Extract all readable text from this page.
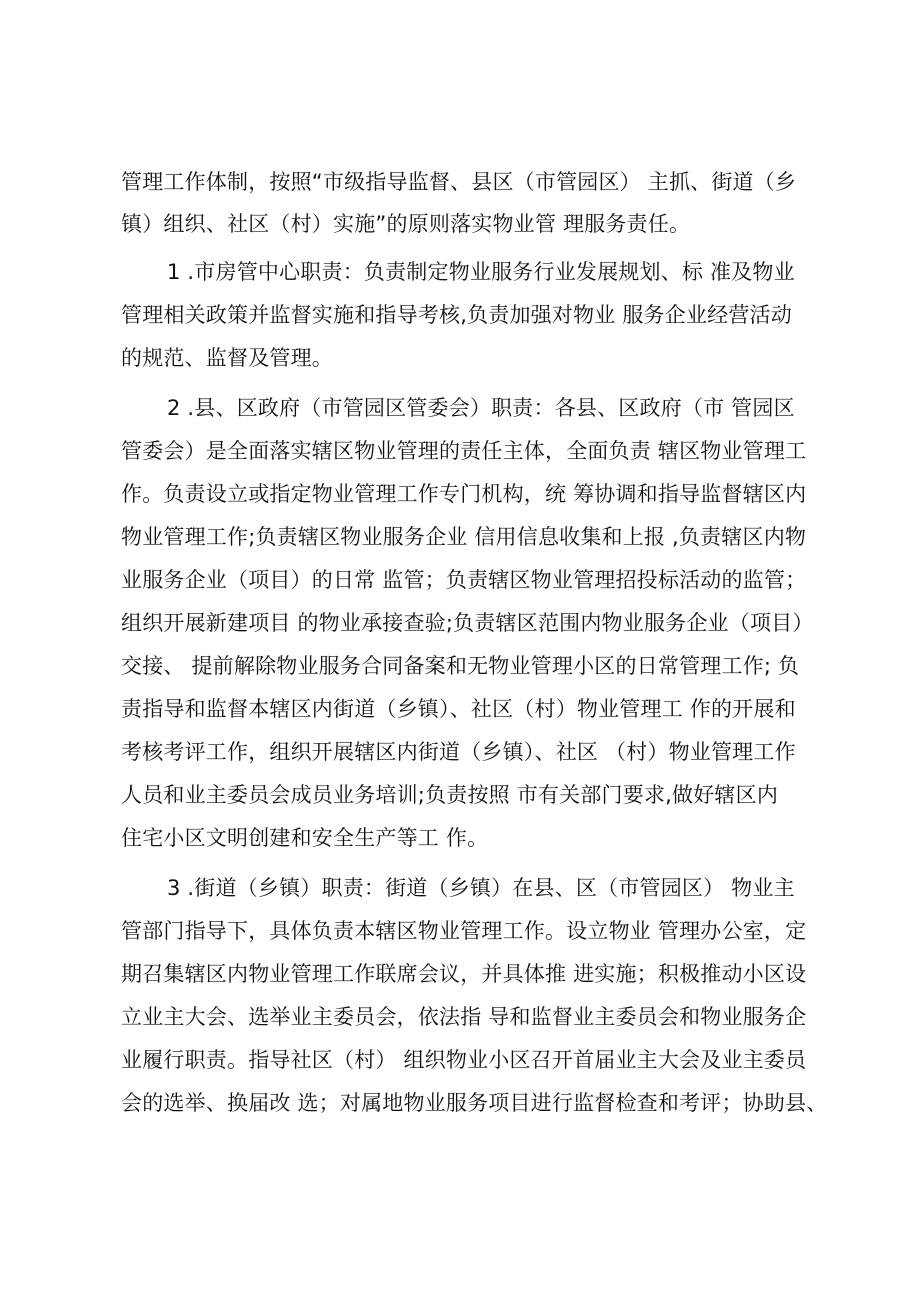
管理工作体制，按照“市级指导监督、县区（市管园区） 主抓、街道（乡
镇）组织、社区（村）实施”的原则落实物业管 理服务责任。
1 .市房管中心职责：负责制定物业服务行业发展规划、标 准及物业
管理相关政策并监督实施和指导考核,负责加强对物业 服务企业经营活动
的规范、监督及管理。
2 .县、区政府（市管园区管委会）职责：各县、区政府（市 管园区
管委会）是全面落实辖区物业管理的责任主体，全面负责 辖区物业管理工
作。负责设立或指定物业管理工作专门机构，统 筹协调和指导监督辖区内
物业管理工作;负责辖区物业服务企业 信用信息收集和上报 ,负责辖区内物
业服务企业（项目）的日常 监管；负责辖区物业管理招投标活动的监管；
组织开展新建项目 的物业承接查验;负责辖区范围内物业服务企业（项目）
交接、 提前解除物业服务合同备案和无物业管理小区的日常管理工作; 负
责指导和监督本辖区内街道（乡镇）、社区（村）物业管理工 作的开展和
考核考评工作，组织开展辖区内街道（乡镇）、社区 （村）物业管理工作
人员和业主委员会成员业务培训;负责按照 市有关部门要求,做好辖区内
住宅小区文明创建和安全生产等工 作。
3 .街道（乡镇）职责：街道（乡镇）在县、区（市管园区） 物业主
管部门指导下，具体负责本辖区物业管理工作。设立物业 管理办公室，定
期召集辖区内物业管理工作联席会议，并具体推 进实施；积极推动小区设
立业主大会、选举业主委员会，依法指 导和监督业主委员会和物业服务企
业履行职责。指导社区（村） 组织物业小区召开首届业主大会及业主委员
会的选举、换届改 选；对属地物业服务项目进行监督检查和考评；协助县、
